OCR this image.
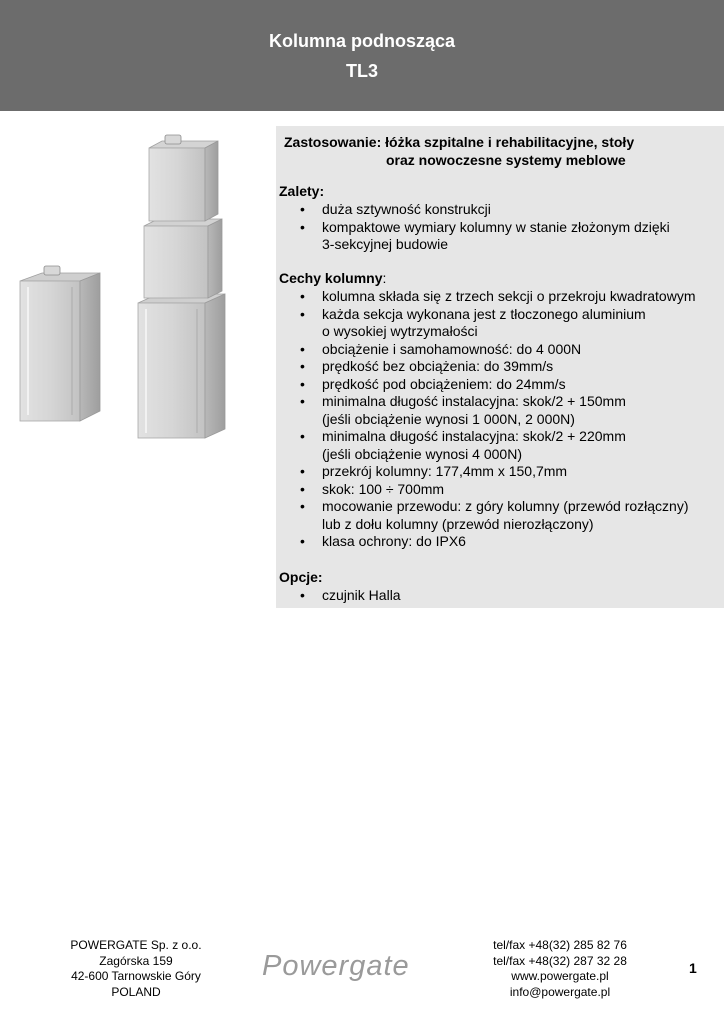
Kolumna podnosząca
TL3
Zastosowanie: łóżka szpitalne i rehabilitacyjne, stoły
oraz nowoczesne systemy meblowe
Zalety:
• duża sztywność konstrukcji
• kompaktowe wymiary kolumny w stanie złożonym dzięki
3-sekcyjnej budowie
Cechy kolumny:
• kolumna składa się z trzech sekcji o przekroju kwadratowym
• każda sekcja wykonana jest z tłoczonego aluminium
o wysokiej wytrzymałości
• obciążenie i samohamowność: do 4 000N
• prędkość bez obciążenia: do 39mm/s
• prędkość pod obciążeniem: do 24mm/s
• minimalna długość instalacyjna: skok/2 + 150mm
(jeśli obciążenie wynosi 1 000N, 2 000N)
• minimalna długość instalacyjna: skok/2 + 220mm
(jeśli obciążenie wynosi 4 000N)
• przekrój kolumny: 177,4mm x 150,7mm
• skok: 100 ÷ 700mm
• mocowanie przewodu: z góry kolumny (przewód rozłączny)
lub z dołu kolumny (przewód nierozłączony)
• klasa ochrony: do IPX6
Opcje:
• czujnik Halla
POWERGATE Sp. z o.o.
Zagórska 159
42-600 Tarnowskie Góry
POLAND
Powergate
tel/fax +48(32) 285 82 76
tel/fax +48(32) 287 32 28
www.powergate.pl
info@powergate.pl
1
